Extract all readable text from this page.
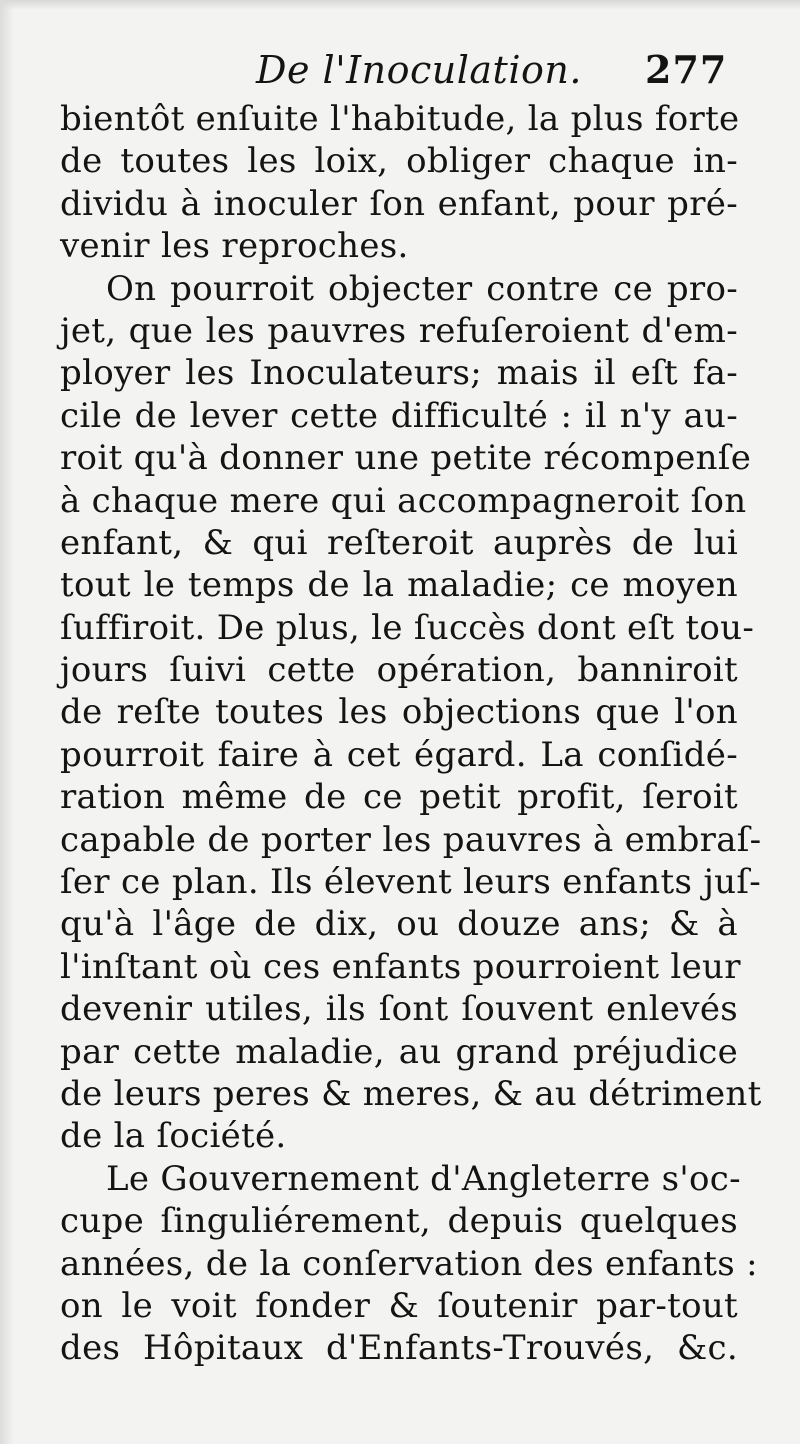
De l'Inoculation. 277
bientôt enſuite l'habitude, la plus forte
de toutes les loix, obliger chaque in-
dividu à inoculer ſon enfant, pour pré-
venir les reproches.
On pourroit objecter contre ce pro-
jet, que les pauvres refuſeroient d'em-
ployer les Inoculateurs; mais il eſt fa-
cile de lever cette difficulté : il n'y au-
roit qu'à donner une petite récompenſe
à chaque mere qui accompagneroit ſon
enfant, & qui reſteroit auprès de lui
tout le temps de la maladie; ce moyen
ſuffiroit. De plus, le ſuccès dont eſt tou-
jours ſuivi cette opération, banniroit
de reſte toutes les objections que l'on
pourroit faire à cet égard. La conſidé-
ration même de ce petit profit, ſeroit
capable de porter les pauvres à embraſ-
ſer ce plan. Ils élevent leurs enfants juſ-
qu'à l'âge de dix, ou douze ans; & à
l'inſtant où ces enfants pourroient leur
devenir utiles, ils ſont ſouvent enlevés
par cette maladie, au grand préjudice
de leurs peres & meres, & au détriment
de la ſociété.
Le Gouvernement d'Angleterre s'oc-
cupe ſinguliérement, depuis quelques
années, de la conſervation des enfants :
on le voit fonder & ſoutenir par-tout
des Hôpitaux d'Enfants-Trouvés, &c.
